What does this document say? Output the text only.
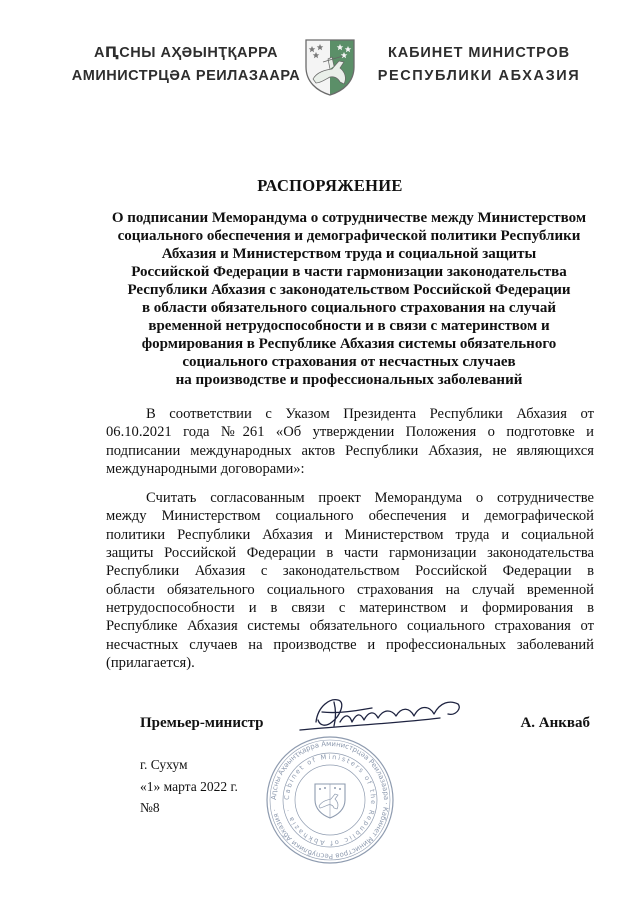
АԤСНЫ АҲӘЫНҬҚАРРА
АМИНИСТРЦӘА РЕИЛАЗААРА
КАБИНЕТ МИНИСТРОВ
РЕСПУБЛИКИ АБХАЗИЯ
РАСПОРЯЖЕНИЕ
О подписании Меморандума о сотрудничестве между Министерством
социального обеспечения и демографической политики Республики
Абхазия и Министерством труда и социальной защиты
Российской Федерации в части гармонизации законодательства
Республики Абхазия с законодательством Российской Федерации
в области обязательного социального страхования на случай
временной нетрудоспособности и в связи с материнством и
формирования в Республике Абхазия системы обязательного
социального страхования от несчастных случаев
на производстве и профессиональных заболеваний
В соответствии с Указом Президента Республики Абхазия от
06.10.2021 года №261 «Об утверждении Положения о подготовке и
подписании международных актов Республики Абхазия, не являющихся
международными договорами»:
Считать согласованным проект Меморандума о сотрудничестве
между Министерством социального обеспечения и демографической
политики Республики Абхазия и Министерством труда и социальной
защиты Российской Федерации в части гармонизации законодательства
Республики Абхазия с законодательством Российской Федерации в
области обязательного социального страхования на случай временной
нетрудоспособности и в связи с материнством и формирования в
Республике Абхазия системы обязательного социального страхования от
несчастных случаев на производстве и профессиональных заболеваний
(прилагается).
Аԥсны Аҳәынҭқарра Аминистрцәа Реилазаара · Кабинет Министров Республики Абхазия ·
Cabinet of Ministers of the Republic of Abkhazia ·
Премьер-министр	А. Анкваб
г. Сухум
«1» марта 2022 г.
№8
